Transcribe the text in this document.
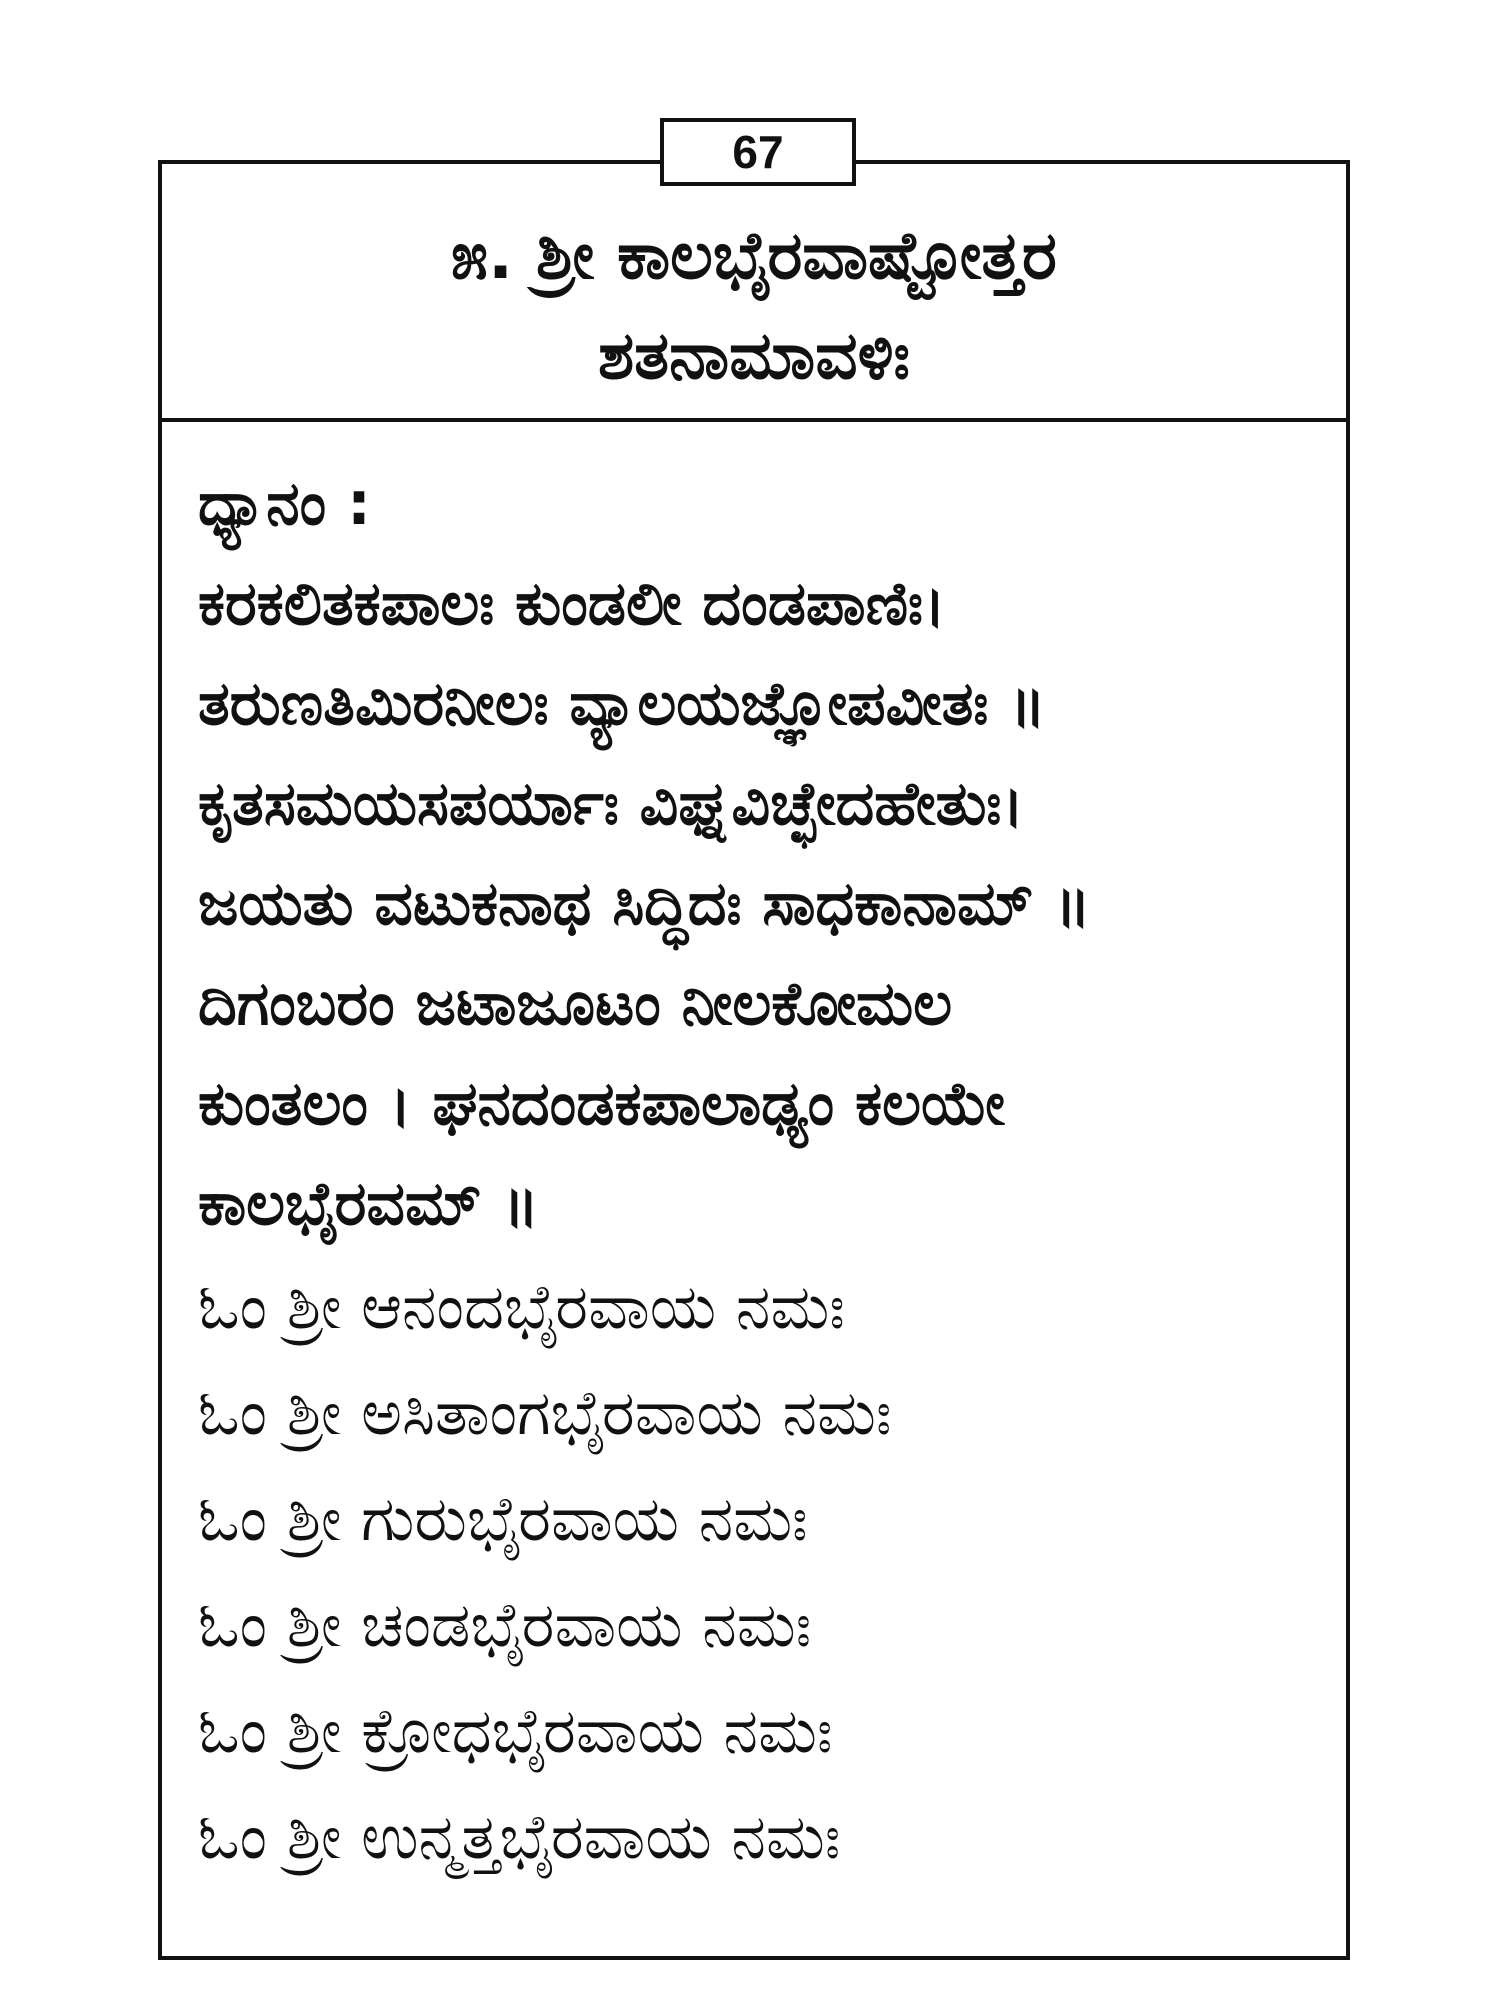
67
೫. ಶ್ರೀ ಕಾಲಭೈರವಾಷ್ಟೋತ್ತರ
ಶತನಾಮಾವಳಿಃ
ಧ್ಯಾನಂ :
ಕರಕಲಿತಕಪಾಲಃ ಕುಂಡಲೀ ದಂಡಪಾಣಿಃ।
ತರುಣತಿಮಿರನೀಲಃ ವ್ಯಾಲಯಜ್ಞೋಪವೀತಃ ॥
ಕೃತಸಮಯಸಪರ್ಯಾಃ ವಿಘ್ನವಿಚ್ಛೇದಹೇತುಃ।
ಜಯತು ವಟುಕನಾಥ ಸಿದ್ಧಿದಃ ಸಾಧಕಾನಾಮ್ ॥
ದಿಗಂಬರಂ ಜಟಾಜೂಟಂ ನೀಲಕೋಮಲ
ಕುಂತಲಂ । ಘನದಂಡಕಪಾಲಾಢ್ಯಂ ಕಲಯೇ
ಕಾಲಭೈರವಮ್ ॥
ಓಂ ಶ್ರೀ ಆನಂದಭೈರವಾಯ ನಮಃ
ಓಂ ಶ್ರೀ ಅಸಿತಾಂಗಭೈರವಾಯ ನಮಃ
ಓಂ ಶ್ರೀ ಗುರುಭೈರವಾಯ ನಮಃ
ಓಂ ಶ್ರೀ ಚಂಡಭೈರವಾಯ ನಮಃ
ಓಂ ಶ್ರೀ ಕ್ರೋಧಭೈರವಾಯ ನಮಃ
ಓಂ ಶ್ರೀ ಉನ್ಮತ್ತಭೈರವಾಯ ನಮಃ
